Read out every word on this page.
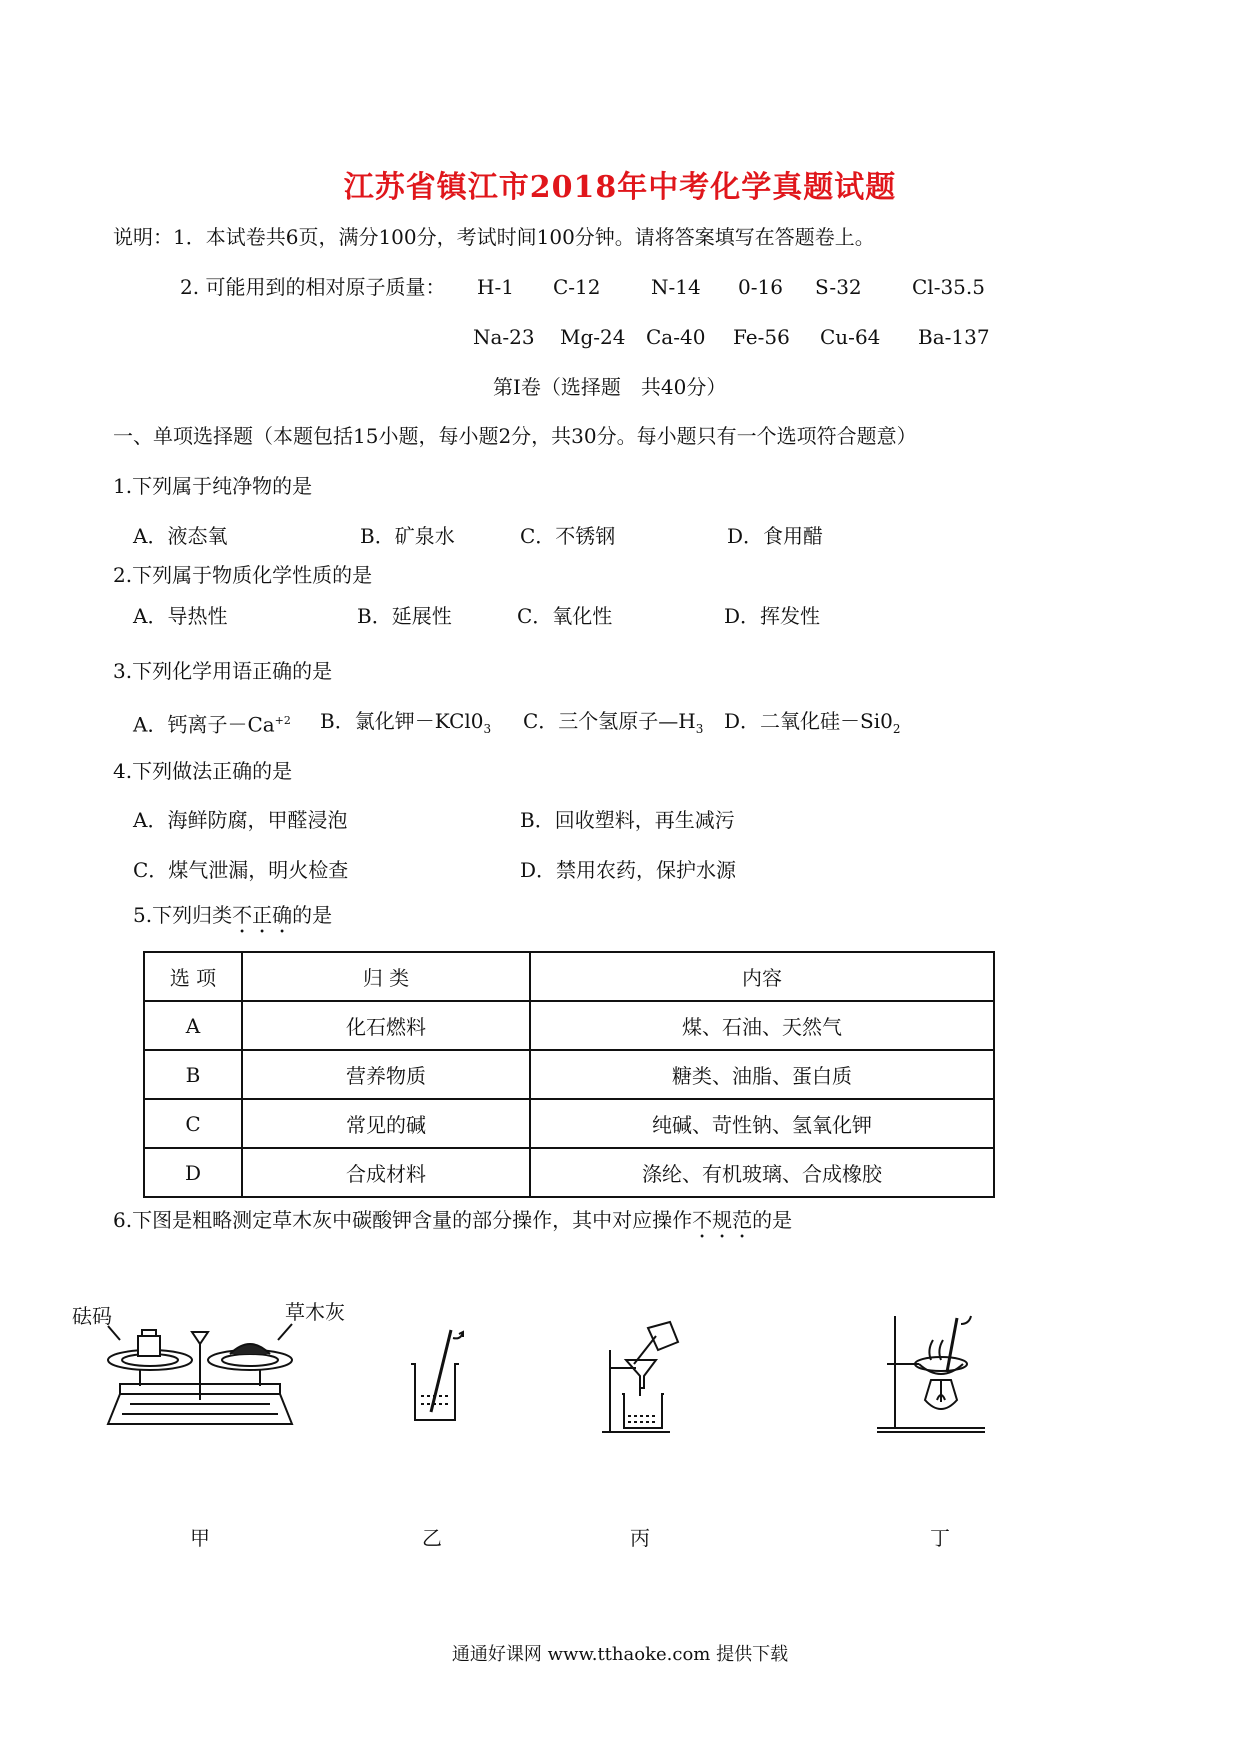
江苏省镇江市2018年中考化学真题试题
说明：1．本试卷共6页，满分100分，考试时间100分钟。请将答案填写在答题卷上。
2. 可能用到的相对原子质量： H-1 C-12	N-14 0-16 S-32	Cl-35.5
Na-23 Mg-24 Ca-40 Fe-56 Cu-64 Ba-137
第Ⅰ卷（选择题　共40分）
一、单项选择题（本题包括15小题，每小题2分，共30分。每小题只有一个选项符合题意）
1.下列属于纯净物的是
A．液态氧	B．矿泉水	C．不锈钢	D．食用醋
2.下列属于物质化学性质的是
A．导热性	B．延展性	C．氧化性	D．挥发性
3.下列化学用语正确的是
A．钙离子$-Ca^{+2}$ B．氯化钾$-KCl0_3$ C．三个氢原子$—H_3$ D．二氧化硅$-Si0_2$
4.下列做法正确的是
A．海鲜防腐，甲醛浸泡	B．回收塑料，再生减污
C．煤气泄漏，明火检查	D．禁用农药，保护水源
5.下列归类不正确的是
选 项	归 类	内容
A	化石燃料	煤、石油、天然气
B	营养物质	糖类、油脂、蛋白质
C	常见的碱	纯碱、苛性钠、氢氧化钾
D	合成材料	涤纶、有机玻璃、合成橡胶
6.下图是粗略测定草木灰中碳酸钾含量的部分操作，其中对应操作不规范的是
砝码	草木灰
甲	乙	丙	丁
通通好课网 www.tthaoke.com 提供下载
